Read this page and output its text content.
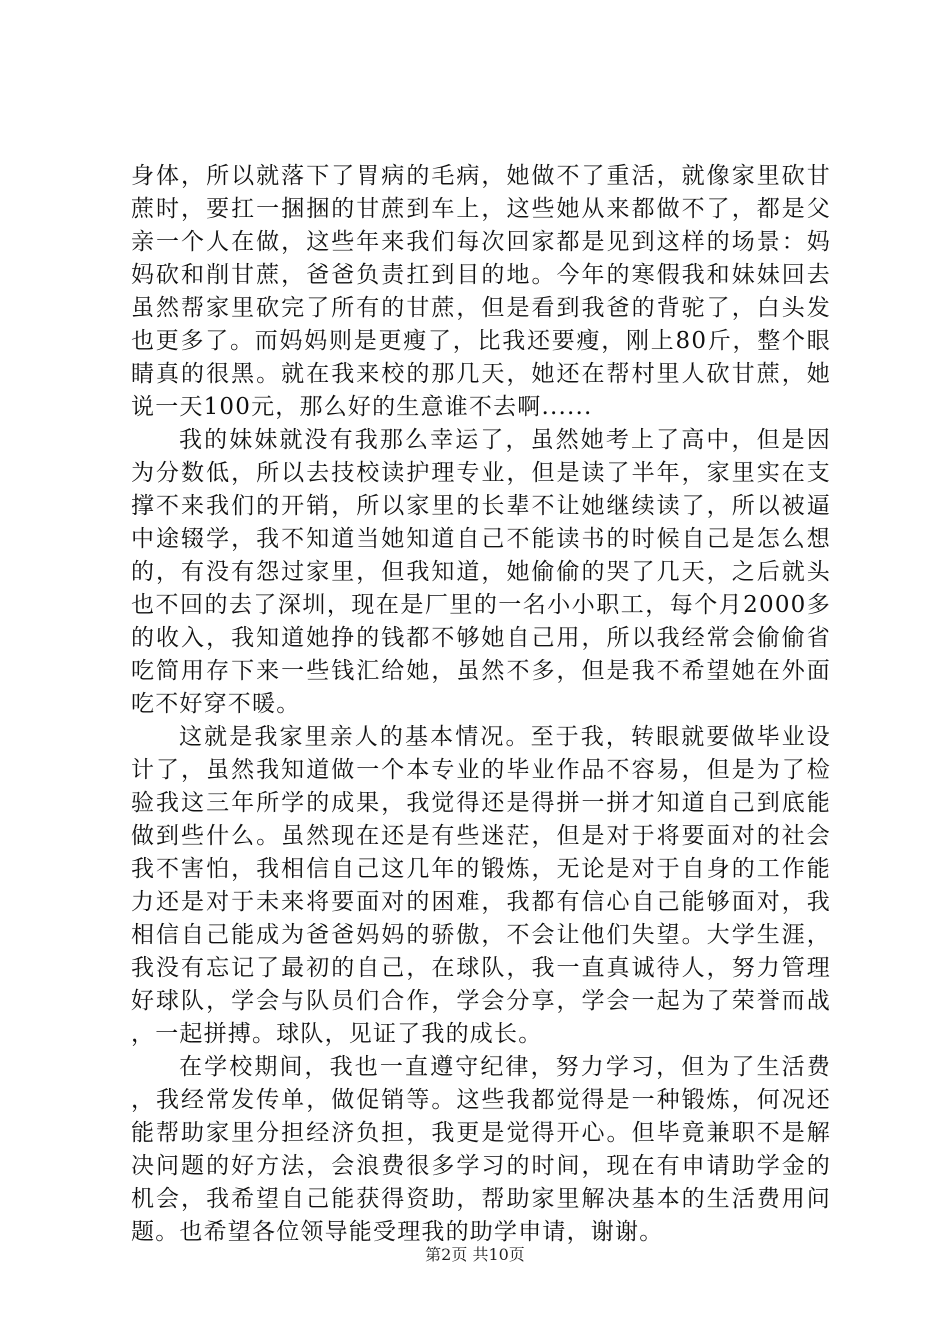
身体，所以就落下了胃病的毛病，她做不了重活，就像家里砍甘蔗时，要扛一捆捆的甘蔗到车上，这些她从来都做不了，都是父亲一个人在做，这些年来我们每次回家都是见到这样的场景：妈妈砍和削甘蔗，爸爸负责扛到目的地。今年的寒假我和妹妹回去虽然帮家里砍完了所有的甘蔗，但是看到我爸的背驼了，白头发也更多了。而妈妈则是更瘦了，比我还要瘦，刚上80斤，整个眼睛真的很黑。就在我来校的那几天，她还在帮村里人砍甘蔗，她说一天100元，那么好的生意谁不去啊......

我的妹妹就没有我那么幸运了，虽然她考上了高中，但是因为分数低，所以去技校读护理专业，但是读了半年，家里实在支撑不来我们的开销，所以家里的长辈不让她继续读了，所以被逼中途辍学，我不知道当她知道自己不能读书的时候自己是怎么想的，有没有怨过家里，但我知道，她偷偷的哭了几天，之后就头也不回的去了深圳，现在是厂里的一名小小职工，每个月2000多的收入，我知道她挣的钱都不够她自己用，所以我经常会偷偷省吃简用存下来一些钱汇给她，虽然不多，但是我不希望她在外面吃不好穿不暖。

这就是我家里亲人的基本情况。至于我，转眼就要做毕业设计了，虽然我知道做一个本专业的毕业作品不容易，但是为了检验我这三年所学的成果，我觉得还是得拼一拼才知道自己到底能做到些什么。虽然现在还是有些迷茫，但是对于将要面对的社会我不害怕，我相信自己这几年的锻炼，无论是对于自身的工作能力还是对于未来将要面对的困难，我都有信心自己能够面对，我相信自己能成为爸爸妈妈的骄傲，不会让他们失望。大学生涯，我没有忘记了最初的自己，在球队，我一直真诚待人，努力管理好球队，学会与队员们合作，学会分享，学会一起为了荣誉而战，一起拼搏。球队，见证了我的成长。

在学校期间，我也一直遵守纪律，努力学习，但为了生活费，我经常发传单，做促销等。这些我都觉得是一种锻炼，何况还能帮助家里分担经济负担，我更是觉得开心。但毕竟兼职不是解决问题的好方法，会浪费很多学习的时间，现在有申请助学金的机会，我希望自己能获得资助，帮助家里解决基本的生活费用问题。也希望各位领导能受理我的助学申请，谢谢。

第2页 共10页
